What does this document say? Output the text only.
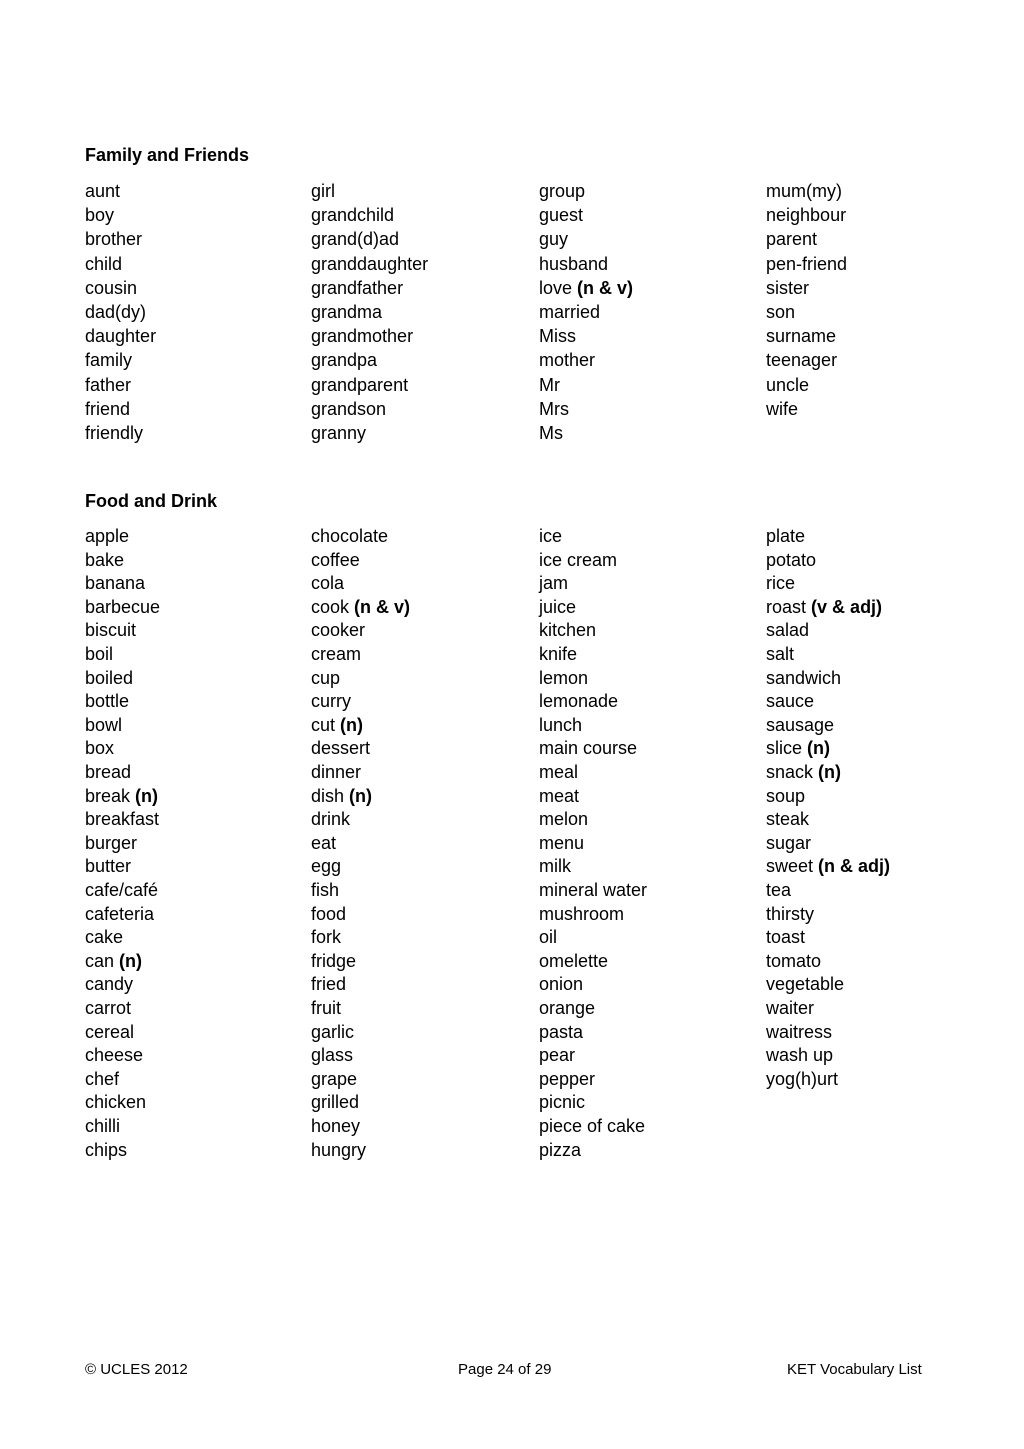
Family and Friends
aunt
boy
brother
child
cousin
dad(dy)
daughter
family
father
friend
friendly
girl
grandchild
grand(d)ad
granddaughter
grandfather
grandma
grandmother
grandpa
grandparent
grandson
granny
group
guest
guy
husband
love (n & v)
married
Miss
mother
Mr
Mrs
Ms
mum(my)
neighbour
parent
pen-friend
sister
son
surname
teenager
uncle
wife
Food and Drink
apple
bake
banana
barbecue
biscuit
boil
boiled
bottle
bowl
box
bread
break (n)
breakfast
burger
butter
cafe/café
cafeteria
cake
can (n)
candy
carrot
cereal
cheese
chef
chicken
chilli
chips
chocolate
coffee
cola
cook (n & v)
cooker
cream
cup
curry
cut (n)
dessert
dinner
dish (n)
drink
eat
egg
fish
food
fork
fridge
fried
fruit
garlic
glass
grape
grilled
honey
hungry
ice
ice cream
jam
juice
kitchen
knife
lemon
lemonade
lunch
main course
meal
meat
melon
menu
milk
mineral water
mushroom
oil
omelette
onion
orange
pasta
pear
pepper
picnic
piece of cake
pizza
plate
potato
rice
roast (v & adj)
salad
salt
sandwich
sauce
sausage
slice (n)
snack (n)
soup
steak
sugar
sweet (n & adj)
tea
thirsty
toast
tomato
vegetable
waiter
waitress
wash up
yog(h)urt
© UCLES 2012	Page 24 of 29	KET Vocabulary List
